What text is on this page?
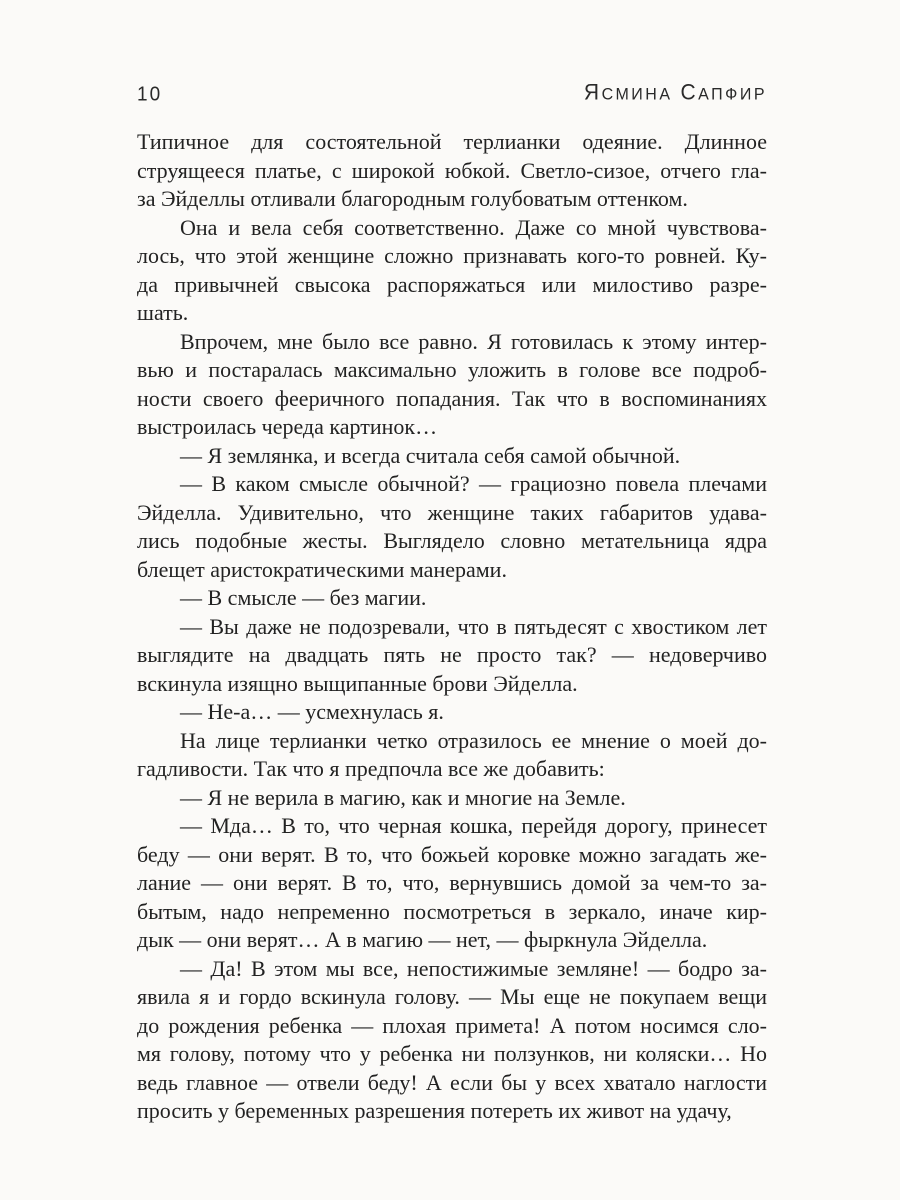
10	ЯСМИНА САПФИР
Типичное для состоятельной терлианки одеяние. Длинное
струящееся платье, с широкой юбкой. Светло-сизое, отчего гла-
за Эйделлы отливали благородным голубоватым оттенком.
Она и вела себя соответственно. Даже со мной чувствова-
лось, что этой женщине сложно признавать кого-то ровней. Ку-
да привычней свысока распоряжаться или милостиво разре-
шать.
Впрочем, мне было все равно. Я готовилась к этому интер-
вью и постаралась максимально уложить в голове все подроб-
ности своего фееричного попадания. Так что в воспоминаниях
выстроилась череда картинок…
— Я землянка, и всегда считала себя самой обычной.
— В каком смысле обычной? — грациозно повела плечами
Эйделла. Удивительно, что женщине таких габаритов удава-
лись подобные жесты. Выглядело словно метательница ядра
блещет аристократическими манерами.
— В смысле — без магии.
— Вы даже не подозревали, что в пятьдесят с хвостиком лет
выглядите на двадцать пять не просто так? — недоверчиво
вскинула изящно выщипанные брови Эйделла.
— Не-а… — усмехнулась я.
На лице терлианки четко отразилось ее мнение о моей до-
гадливости. Так что я предпочла все же добавить:
— Я не верила в магию, как и многие на Земле.
— Мда… В то, что черная кошка, перейдя дорогу, принесет
беду — они верят. В то, что божьей коровке можно загадать же-
лание — они верят. В то, что, вернувшись домой за чем-то за-
бытым, надо непременно посмотреться в зеркало, иначе кир-
дык — они верят… А в магию — нет, — фыркнула Эйделла.
— Да! В этом мы все, непостижимые земляне! — бодро за-
явила я и гордо вскинула голову. — Мы еще не покупаем вещи
до рождения ребенка — плохая примета! А потом носимся сло-
мя голову, потому что у ребенка ни ползунков, ни коляски… Но
ведь главное — отвели беду! А если бы у всех хватало наглости
просить у беременных разрешения потереть их живот на удачу,
